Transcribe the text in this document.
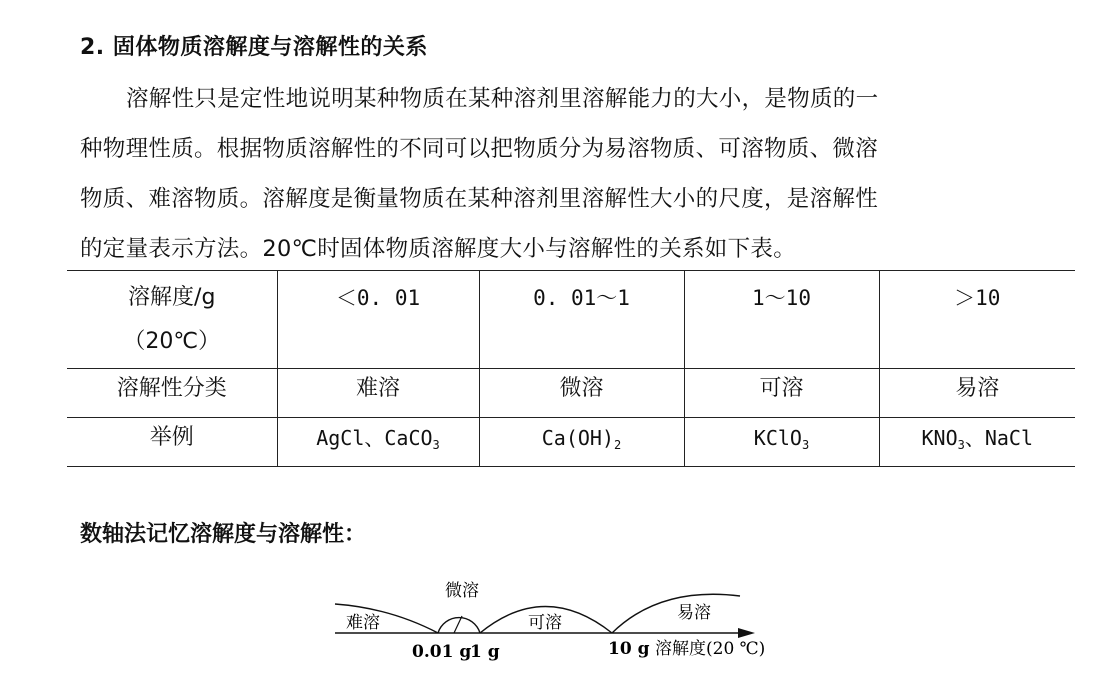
2. 固体物质溶解度与溶解性的关系
溶解性只是定性地说明某种物质在某种溶剂里溶解能力的大小，是物质的一
种物理性质。根据物质溶解性的不同可以把物质分为易溶物质、可溶物质、微溶
物质、难溶物质。溶解度是衡量物质在某种溶剂里溶解性大小的尺度，是溶解性
的定量表示方法。20℃时固体物质溶解度大小与溶解性的关系如下表。
溶解度/g
（20℃）	＜0. 01	0. 01～1	1～10	＞10

溶解性分类	难溶	微溶	可溶	易溶
举例	AgCl、CaCO$_3$	$Ca(OH)_2$	KClO$_3$	$KNO_3$、NaCl
数轴法记忆溶解度与溶解性：
难溶
微溶
可溶	易溶
0.01 g
1 g	10 g 溶解度(20 ℃)
